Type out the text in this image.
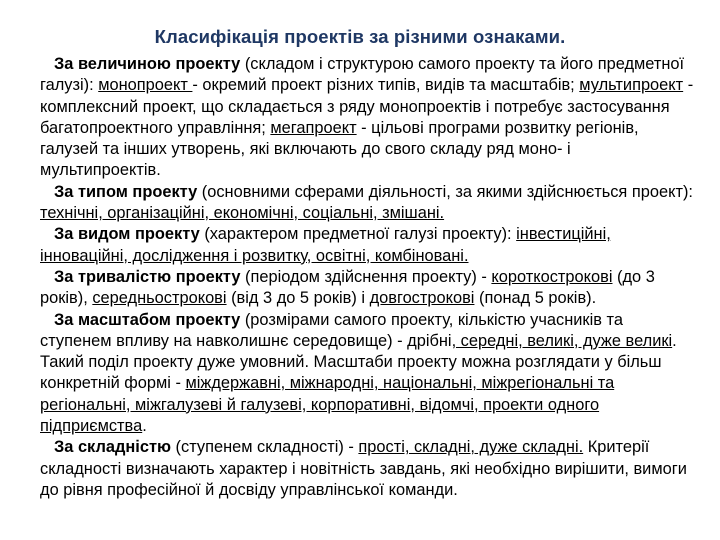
Класифікація проектів за різними ознаками.
За величиною проекту (складом і структурою самого проекту та його предметної галузі): монопроект - окремий проект різних типів, видів та масштабів; мультипроект - комплексний проект, що складається з ряду монопроектів і потребує застосування багатопроектного управління; мегапроект - цільові програми розвитку регіонів, галузей та інших утворень, які включають до свого складу ряд моно- і мультипроектів.
За типом проекту (основними сферами діяльності, за якими здійснюється проект): технічні, організаційні, економічні, соціальні, змішані.
За видом проекту (характером предметної галузі проекту): інвестиційні, інноваційні, дослідження і розвитку, освітні, комбіновані.
За тривалістю проекту (періодом здійснення проекту) - короткострокові (до 3 років), середньострокові (від 3 до 5 років) і довгострокові (понад 5 років).
За масштабом проекту (розмірами самого проекту, кількістю учасників та ступенем впливу на навколишнє середовище) - дрібні, середні, великі, дуже великі. Такий поділ проекту дуже умовний. Масштаби проекту можна розглядати у більш конкретній формі - міждержавні, міжнародні, національні, міжрегіональні та регіональні, міжгалузеві й галузеві, корпоративні, відомчі, проекти одного підприємства.
За складністю (ступенем складності) - прості, складні, дуже складні. Критерії складності визначають характер і новітність завдань, які необхідно вирішити, вимоги до рівня професійної й досвіду управлінської команди.
